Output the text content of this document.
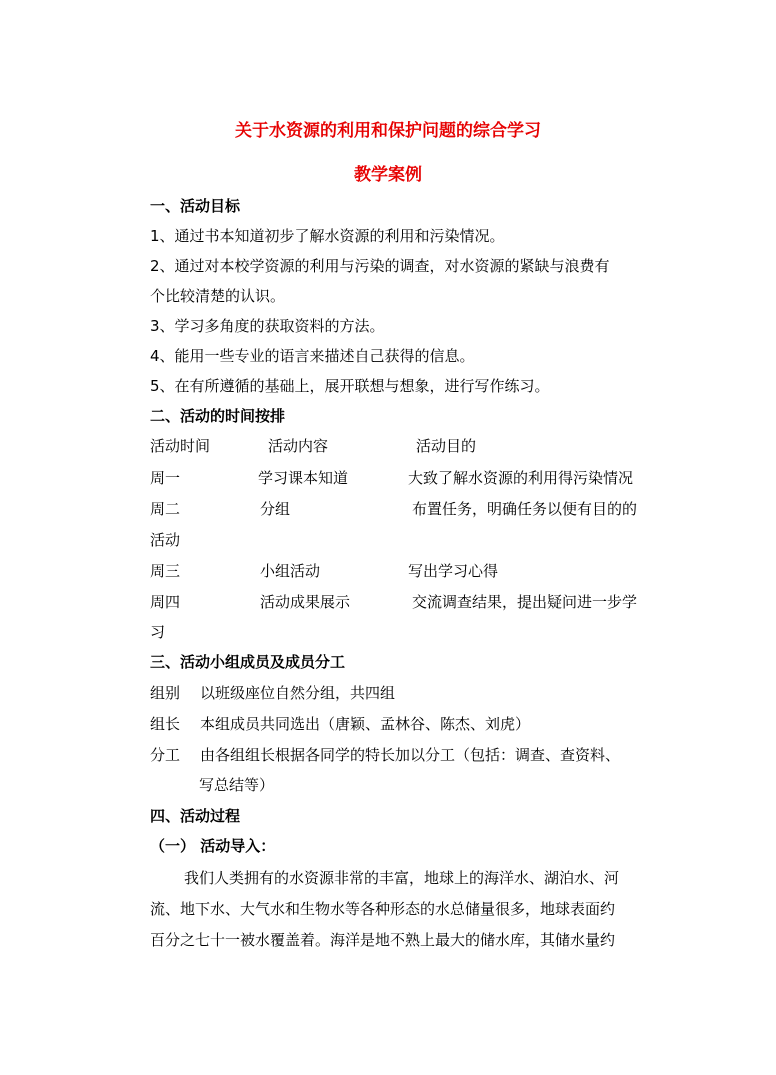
关于水资源的利用和保护问题的综合学习
教学案例
一、活动目标
1、通过书本知道初步了解水资源的利用和污染情况。
2、通过对本校学资源的利用与污染的调查，对水资源的紧缺与浪费有
个比较清楚的认识。
3、学习多角度的获取资料的方法。
4、能用一些专业的语言来描述自己获得的信息。
5、在有所遵循的基础上，展开联想与想象，进行写作练习。
二、活动的时间按排
活动时间	活动内容	活动目的
周一	学习课本知道	大致了解水资源的利用得污染情况
周二	分组	布置任务，明确任务以便有目的的
活动
周三	小组活动	写出学习心得
周四	活动成果展示	交流调查结果，提出疑问进一步学
习
三、活动小组成员及成员分工
组别 以班级座位自然分组，共四组
组长 本组成员共同选出（唐颖、孟林谷、陈杰、刘虎）
分工 由各组组长根据各同学的特长加以分工（包括：调查、查资料、
写总结等）
四、活动过程
（一） 活动导入：
我们人类拥有的水资源非常的丰富，地球上的海洋水、湖泊水、河
流、地下水、大气水和生物水等各种形态的水总储量很多，地球表面约
百分之七十一被水覆盖着。海洋是地不熟上最大的储水库，其储水量约
